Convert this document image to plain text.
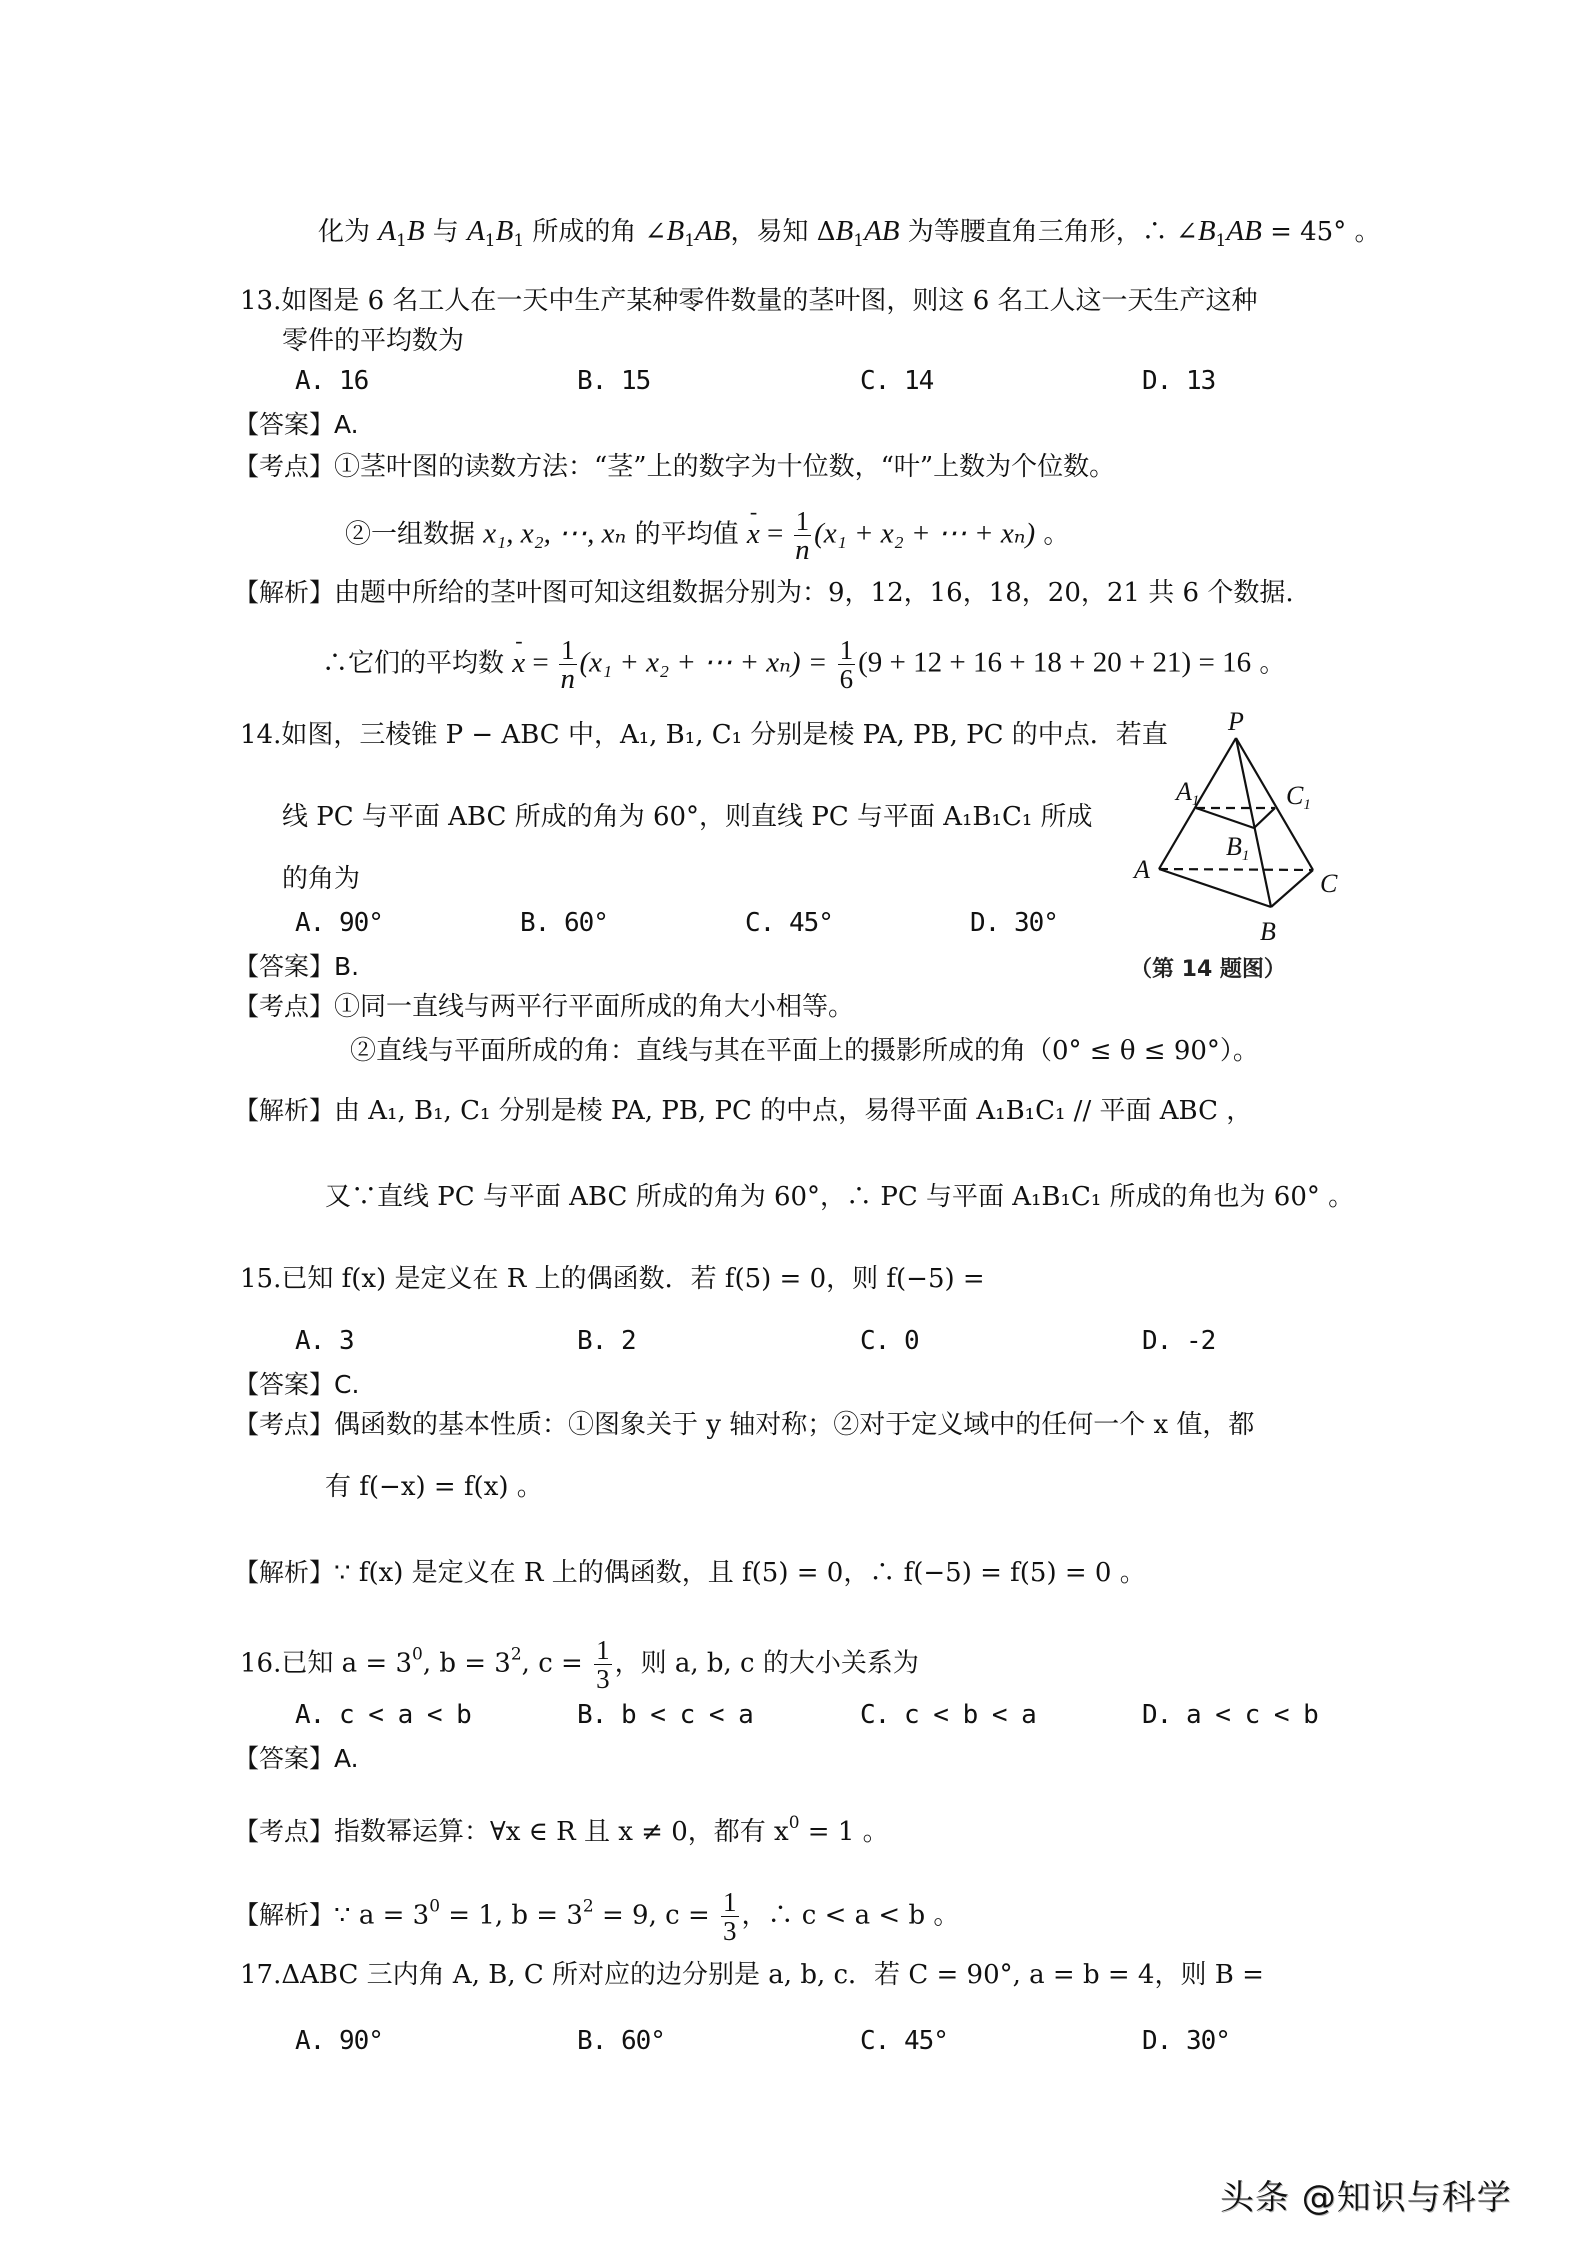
化为 $A_1B$ 与 $A_1B_1$ 所成的角 $\angle B_1AB$，易知 $\Delta B_1AB$ 为等腰直角三角形，∴ $\angle B_1AB = 45^\circ$ 。
13.如图是 6 名工人在一天中生产某种零件数量的茎叶图，则这 6 名工人这一天生产这种
零件的平均数为
A. 16	B. 15	C. 14	D. 13
【答案】A.
【考点】①茎叶图的读数方法：“茎”上的数字为十位数，“叶”上数为个位数。
②一组数据 x₁, x₂, ⋯, xₙ 的平均值 - $x = \frac{1}{n} (x_1 + x_2$ + ⋯ + xₙ) 。
【解析】由题中所给的茎叶图可知这组数据分别为：9，12，16，18，20，21 共 6 个数据.
∴它们的平均数 - $x = \frac{1}{n} (x_1 + x_2$ + ⋯ + $x_n) = \frac{1}{6} (9 + 12 + 16 + 18 + 20 + 21) = 16$ 。
14.如图，三棱锥 P − ABC 中，A₁, B₁, C₁ 分别是棱 PA, PB, PC 的中点．若直
线 PC 与平面 ABC 所成的角为 60°，则直线 PC 与平面 A₁B₁C₁ 所成
的角为
A. 90°	B. 60°	C. 45°	D. 30°
P
A1	C1
B1
A	C
B
（第 14 题图）
【答案】B.
【考点】①同一直线与两平行平面所成的角大小相等。
②直线与平面所成的角：直线与其在平面上的摄影所成的角（0° ≤ θ ≤ 90°）。
【解析】由 A₁, B₁, C₁ 分别是棱 PA, PB, PC 的中点，易得平面 A₁B₁C₁ // 平面 ABC ，
又∵直线 PC 与平面 ABC 所成的角为 60°，∴ PC 与平面 A₁B₁C₁ 所成的角也为 60° 。
15.已知 f(x) 是定义在 R 上的偶函数．若 f(5) = 0，则 f(−5) =
A. 3	B. 2	C. 0	D. -2
【答案】C.
【考点】偶函数的基本性质：①图象关于 y 轴对称；②对于定义域中的任何一个 x 值，都
有 f(−x) = f(x) 。
【解析】∵ f(x) 是定义在 R 上的偶函数，且 f(5) = 0，∴ f(−5) = f(5) = 0 。
16.已知 $a = 3^0$, $b = 3^2$, $c = \frac{1}{3}$ ，则 a, b, c 的大小关系为
A. c < a < b	B. b < c < a	C. c < b < a	D. a < c < b
【答案】A.
【考点】指数幂运算：∀x ∈ R 且 x ≠ 0，都有 $x^0 = 1$ 。
【解析】∵ $a = 3^0 = 1$, $b = 3^2 = 9$, $c = \frac{1}{3}$ ，∴ c < a < b 。
17.ΔABC 三内角 A, B, C 所对应的边分别是 a, b, c．若 C = 90°, a = b = 4，则 B =
A. 90°	B. 60°	C. 45°	D. 30°
头条 @知识与科学
